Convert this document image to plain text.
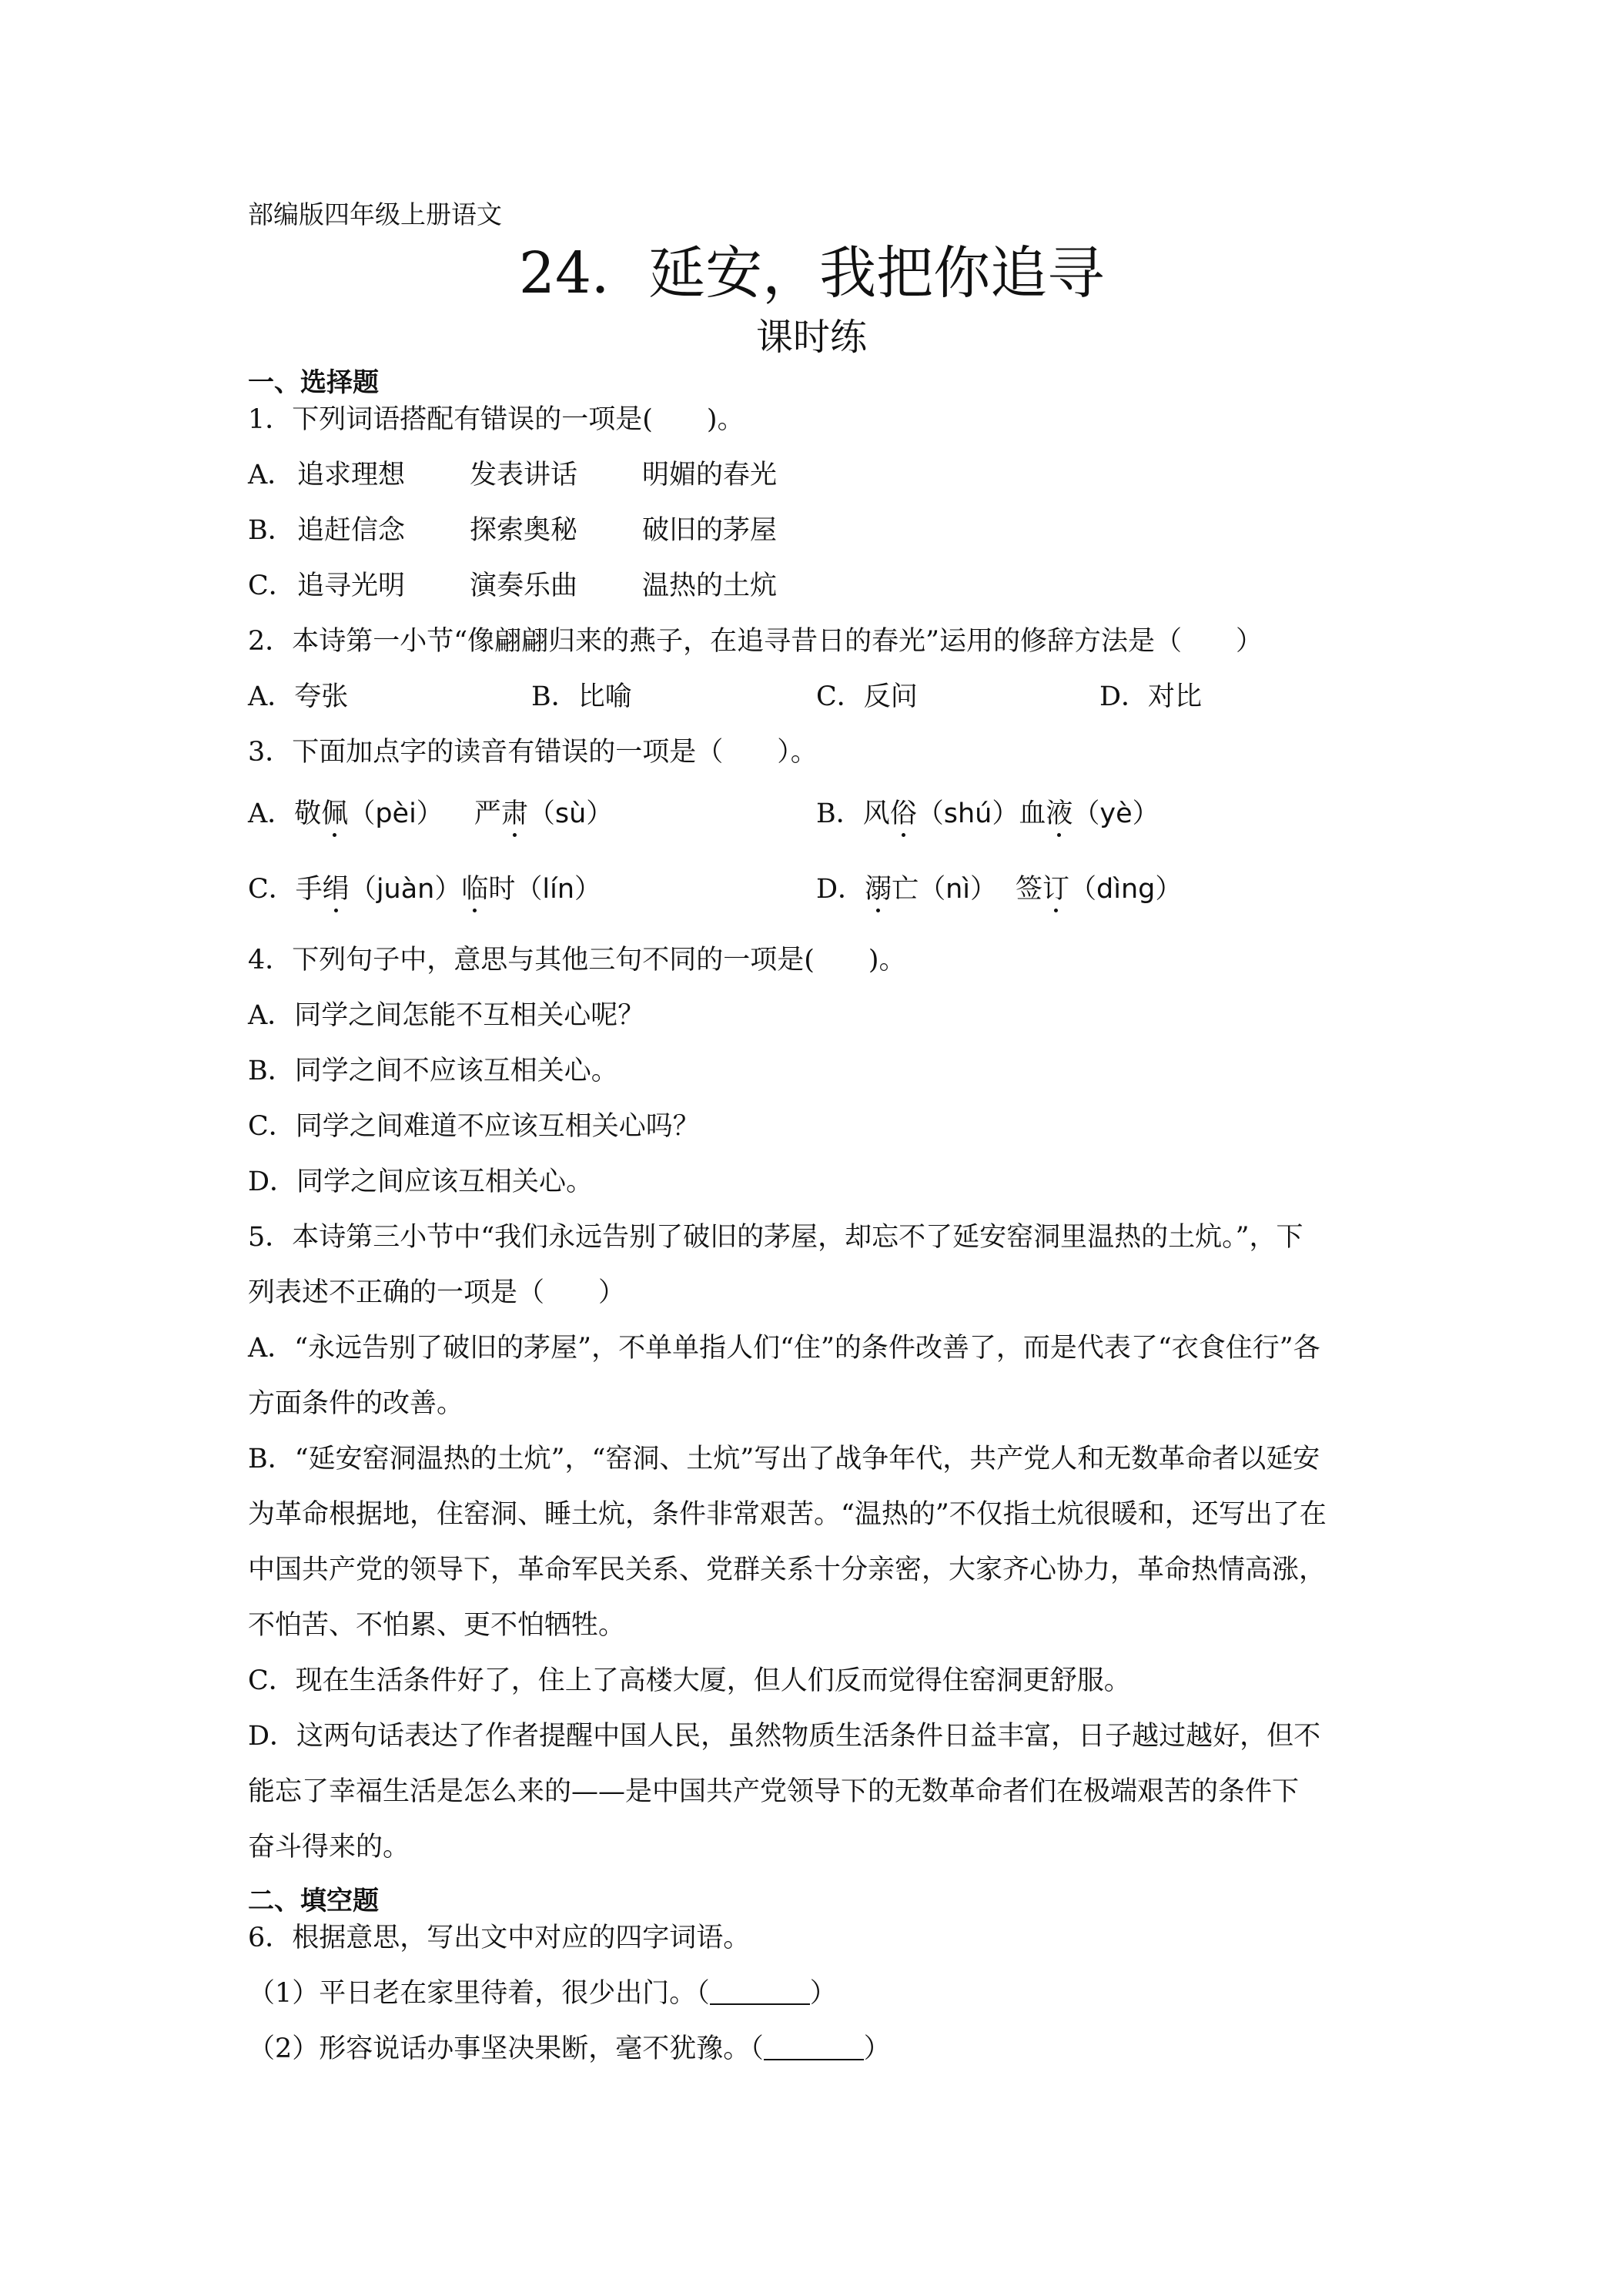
部编版四年级上册语文
24．延安，我把你追寻
课时练
一、选择题
1．下列词语搭配有错误的一项是(　　)。
A． 追求理想 发表讲话 明媚的春光
B． 追赶信念 探索奥秘 破旧的茅屋
C． 追寻光明 演奏乐曲 温热的土炕
2．本诗第一小节“像翩翩归来的燕子，在追寻昔日的春光”运用的修辞方法是（　　）
A．夸张	B．比喻	C．反问	D．对比
3．下面加点字的读音有错误的一项是（　　）。
A．敬佩（pèi） 严肃（sù）	B．风俗（shú）血液（yè）
C．手绢（juàn）临时（lín）	D．溺亡（nì） 签订（dìng）
4．下列句子中，意思与其他三句不同的一项是(　　)。
A．同学之间怎能不互相关心呢？
B．同学之间不应该互相关心。
C．同学之间难道不应该互相关心吗？
D．同学之间应该互相关心。
5．本诗第三小节中“我们永远告别了破旧的茅屋，却忘不了延安窑洞里温热的土炕。”，下
列表述不正确的一项是（　　）
A．“永远告别了破旧的茅屋”，不单单指人们“住”的条件改善了，而是代表了“衣食住行”各
方面条件的改善。
B．“延安窑洞温热的土炕”，“窑洞、土炕”写出了战争年代，共产党人和无数革命者以延安
为革命根据地，住窑洞、睡土炕，条件非常艰苦。“温热的”不仅指土炕很暖和，还写出了在
中国共产党的领导下，革命军民关系、党群关系十分亲密，大家齐心协力，革命热情高涨，
不怕苦、不怕累、更不怕牺牲。
C．现在生活条件好了，住上了高楼大厦，但人们反而觉得住窑洞更舒服。
D．这两句话表达了作者提醒中国人民，虽然物质生活条件日益丰富，日子越过越好，但不
能忘了幸福生活是怎么来的——是中国共产党领导下的无数革命者们在极端艰苦的条件下
奋斗得来的。
二、填空题
6．根据意思，写出文中对应的四字词语。
（1）平日老在家里待着，很少出门。（	）
（2）形容说话办事坚决果断，毫不犹豫。（	）
